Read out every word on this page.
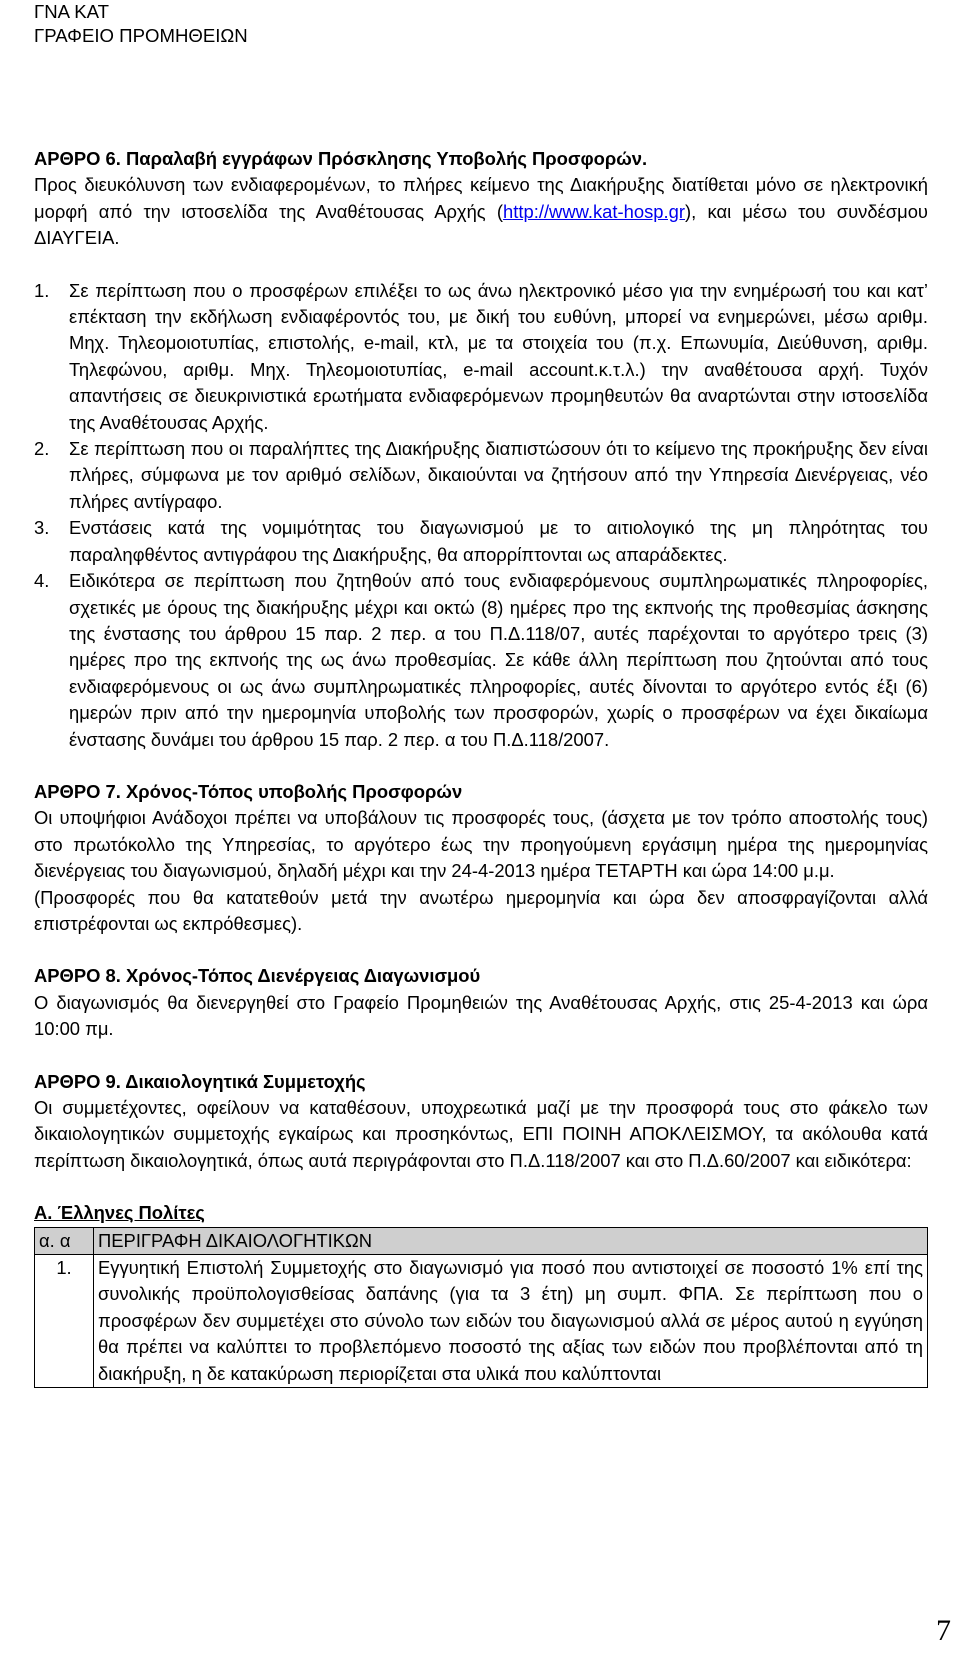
ΓΝΑ ΚΑΤ
ΓΡΑΦΕΙΟ ΠΡΟΜΗΘΕΙΩΝ
ΑΡΘΡΟ 6. Παραλαβή εγγράφων Πρόσκλησης Υποβολής Προσφορών.

Προς διευκόλυνση των ενδιαφερομένων, το πλήρες κείμενο της Διακήρυξης διατίθεται μόνο σε ηλεκτρονική μορφή από την ιστοσελίδα της Αναθέτουσας Αρχής (http://www.kat-hosp.gr), και μέσω του συνδέσμου ΔΙΑΥΓΕΙΑ.

1. Σε περίπτωση που ο προσφέρων επιλέξει το ως άνω ηλεκτρονικό μέσο για την ενημέρωσή του και κατ’ επέκταση την εκδήλωση ενδιαφέροντός του, με δική του ευθύνη, μπορεί να ενημερώνει, μέσω αριθμ. Μηχ. Τηλεομοιοτυπίας, επιστολής, e-mail, κτλ, με τα στοιχεία του (π.χ. Επωνυμία, Διεύθυνση, αριθμ. Τηλεφώνου, αριθμ. Μηχ. Τηλεομοιοτυπίας, e-mail account.κ.τ.λ.) την αναθέτουσα αρχή. Τυχόν απαντήσεις σε διευκρινιστικά ερωτήματα ενδιαφερόμενων προμηθευτών θα αναρτώνται στην ιστοσελίδα της Αναθέτουσας Αρχής.
2. Σε περίπτωση που οι παραλήπτες της Διακήρυξης διαπιστώσουν ότι το κείμενο της προκήρυξης δεν είναι πλήρες, σύμφωνα με τον αριθμό σελίδων, δικαιούνται να ζητήσουν από την Υπηρεσία Διενέργειας, νέο πλήρες αντίγραφο.
3. Ενστάσεις κατά της νομιμότητας του διαγωνισμού με το αιτιολογικό της μη πληρότητας του παραληφθέντος αντιγράφου της Διακήρυξης, θα απορρίπτονται ως απαράδεκτες.
4. Ειδικότερα σε περίπτωση που ζητηθούν από τους ενδιαφερόμενους συμπληρωματικές πληροφορίες, σχετικές με όρους της διακήρυξης μέχρι και οκτώ (8) ημέρες προ της εκπνοής της προθεσμίας άσκησης της ένστασης του άρθρου 15 παρ. 2 περ. α του Π.Δ.118/07, αυτές παρέχονται το αργότερο τρεις (3) ημέρες προ της εκπνοής της ως άνω προθεσμίας. Σε κάθε άλλη περίπτωση που ζητούνται από τους ενδιαφερόμενους οι ως άνω συμπληρωματικές πληροφορίες, αυτές δίνονται το αργότερο εντός έξι (6) ημερών πριν από την ημερομηνία υποβολής των προσφορών, χωρίς ο προσφέρων να έχει δικαίωμα ένστασης δυνάμει του άρθρου 15 παρ. 2 περ. α του Π.Δ.118/2007.
ΑΡΘΡΟ 7. Χρόνος-Τόπος υποβολής Προσφορών

Οι υποψήφιοι Ανάδοχοι πρέπει να υποβάλουν τις προσφορές τους, (άσχετα με τον τρόπο αποστολής τους) στο πρωτόκολλο της Υπηρεσίας, το αργότερο έως την προηγούμενη εργάσιμη ημέρα της ημερομηνίας διενέργειας του διαγωνισμού, δηλαδή μέχρι και την 24-4-2013 ημέρα ΤΕΤΑΡΤΗ και ώρα 14:00 μ.μ.

(Προσφορές που θα κατατεθούν μετά την ανωτέρω ημερομηνία και ώρα δεν αποσφραγίζονται αλλά επιστρέφονται ως εκπρόθεσμες).

ΑΡΘΡΟ 8. Χρόνος-Τόπος Διενέργειας Διαγωνισμού

Ο διαγωνισμός θα διενεργηθεί στο Γραφείο Προμηθειών της Αναθέτουσας Αρχής, στις 25-4-2013 και ώρα 10:00 πμ.

ΑΡΘΡΟ 9. Δικαιολογητικά Συμμετοχής

Οι συμμετέχοντες, οφείλουν να καταθέσουν, υποχρεωτικά μαζί με την προσφορά τους στο φάκελο των δικαιολογητικών συμμετοχής εγκαίρως και προσηκόντως, ΕΠΙ ΠΟΙΝΗ ΑΠΟΚΛΕΙΣΜΟΥ, τα ακόλουθα κατά περίπτωση δικαιολογητικά, όπως αυτά περιγράφονται στο Π.Δ.118/2007 και στο Π.Δ.60/2007 και ειδικότερα:

Α. Έλληνες Πολίτες
α. α	ΠΕΡΙΓΡΑΦΗ ΔΙΚΑΙΟΛΟΓΗΤΙΚΩΝ
1.	Εγγυητική Επιστολή Συμμετοχής στο διαγωνισμό για ποσό που αντιστοιχεί σε ποσοστό 1% επί της συνολικής προϋπολογισθείσας δαπάνης (για τα 3 έτη) μη συμπ. ΦΠΑ. Σε περίπτωση που ο προσφέρων δεν συμμετέχει στο σύνολο των ειδών του διαγωνισμού αλλά σε μέρος αυτού η εγγύηση θα πρέπει να καλύπτει το προβλεπόμενο ποσοστό της αξίας των ειδών που προβλέπονται από τη διακήρυξη, η δε κατακύρωση περιορίζεται στα υλικά που καλύπτονται
7
